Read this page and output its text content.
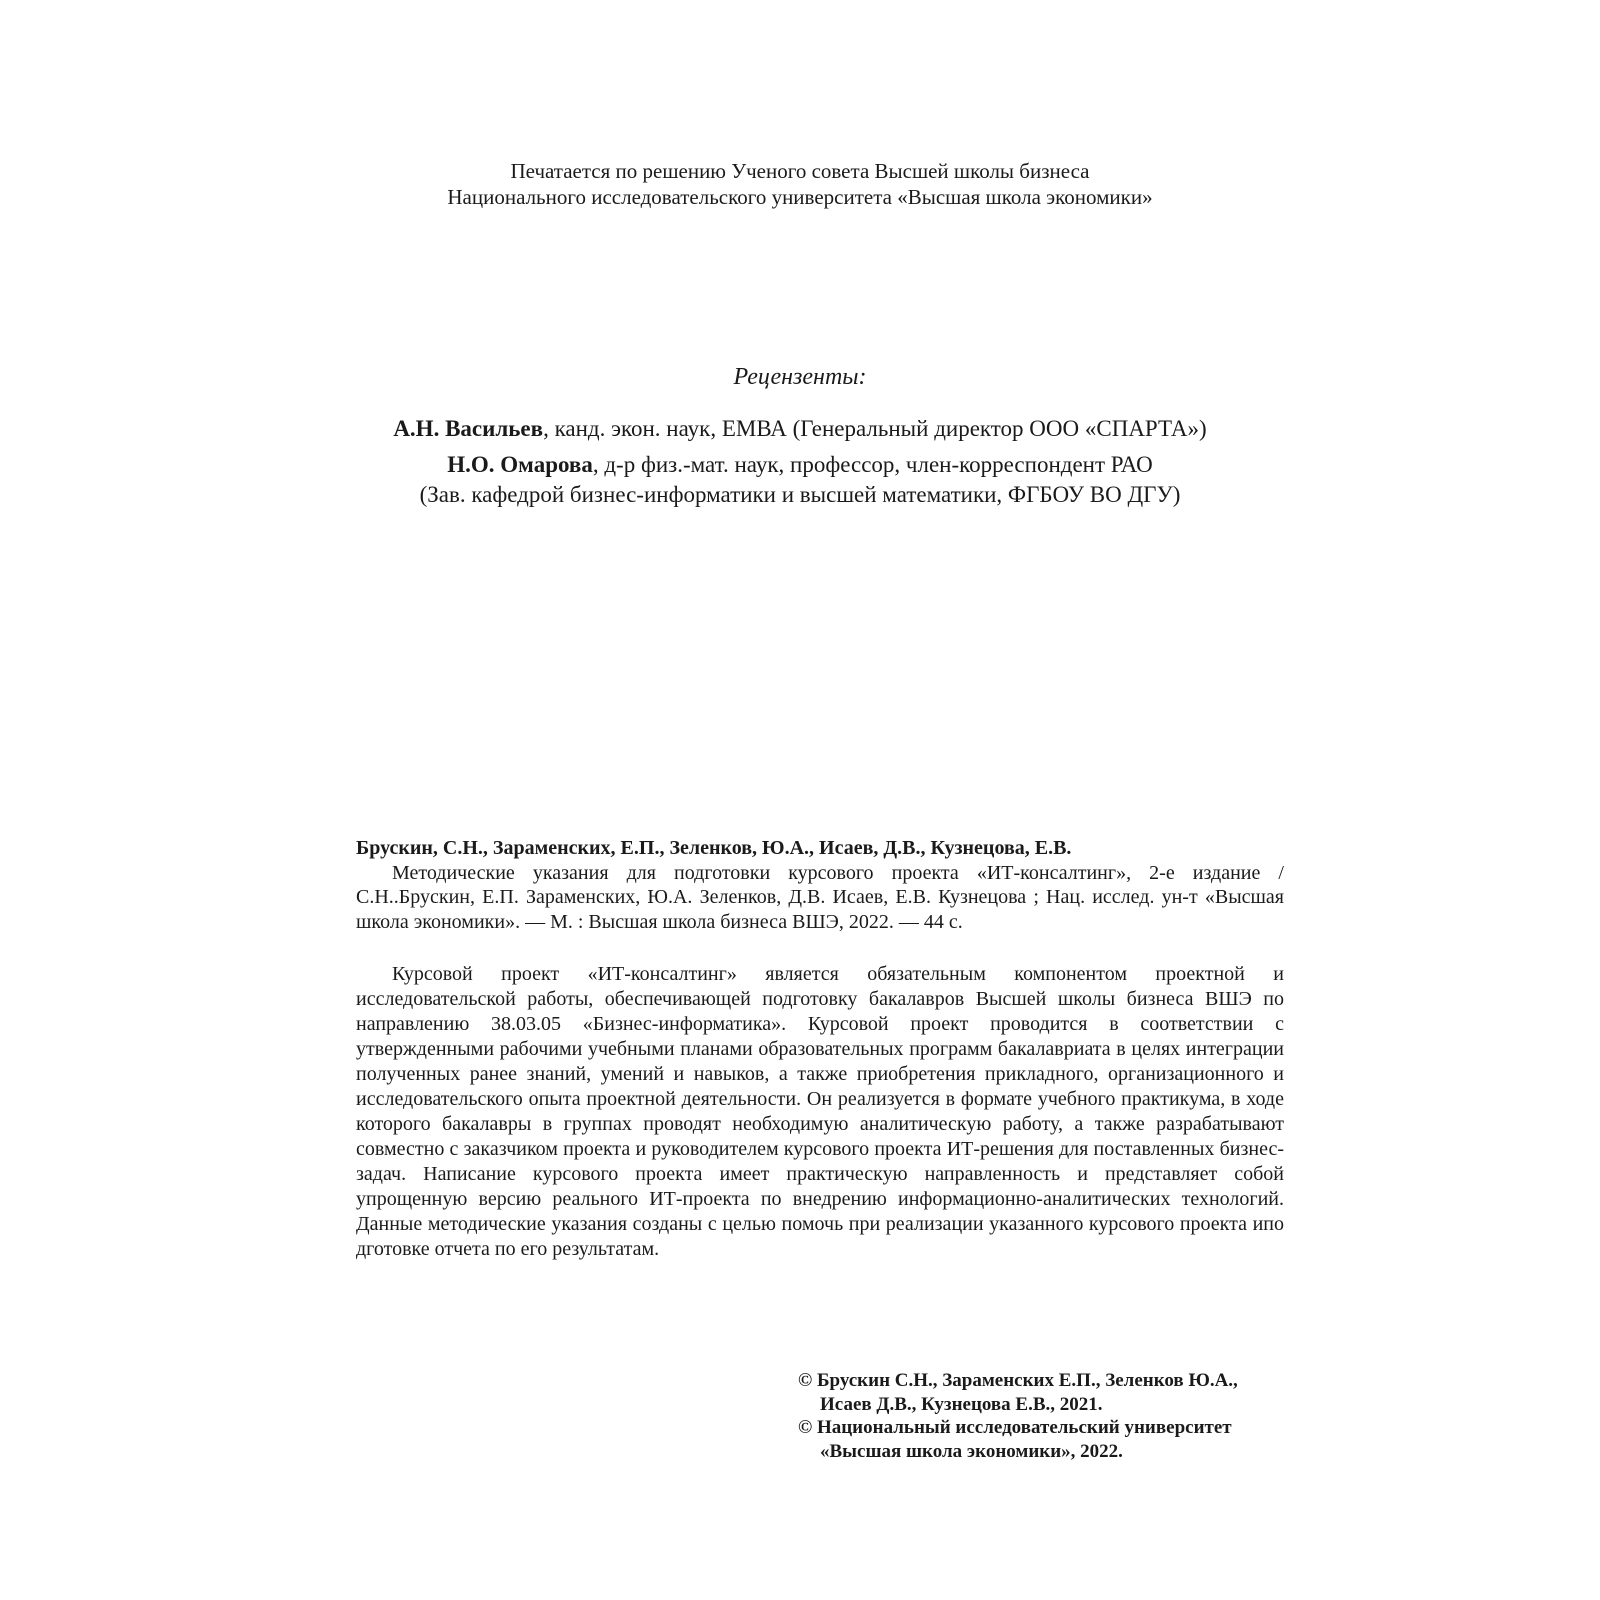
Печатается по решению Ученого совета Высшей школы бизнеса
Национального исследовательского университета «Высшая школа экономики»
Рецензенты:
А.Н. Васильев, канд. экон. наук, ЕМВА (Генеральный директор ООО «СПАРТА»)
Н.О. Омарова, д-р физ.-мат. наук, профессор, член-корреспондент РАО
(Зав. кафедрой бизнес-информатики и высшей математики, ФГБОУ ВО ДГУ)
Брускин, С.Н., Зараменских, Е.П., Зеленков, Ю.А., Исаев, Д.В., Кузнецова, Е.В.

Методические указания для подготовки курсового проекта «ИТ-консалтинг», 2-е издание / С.Н..Брускин, Е.П. Зараменских, Ю.А. Зеленков, Д.В. Исаев, Е.В. Кузнецова ; Нац. исслед. ун-т «Высшая школа экономики». — М. : Высшая школа бизнеса ВШЭ, 2022. — 44 с.

Курсовой проект «ИТ-консалтинг» является обязательным компонентом проектной и исследовательской работы, обеспечивающей подготовку бакалавров Высшей школы бизнеса ВШЭ по направлению 38.03.05 «Бизнес-информатика». Курсовой проект проводится в соответствии с утвержденными рабочими учебными планами образовательных программ бакалавриата в целях интеграции полученных ранее знаний, умений и навыков, а также приобретения прикладного, организационного и исследовательского опыта проектной деятельности. Он реализуется в формате учебного практикума, в ходе которого бакалавры в группах проводят необходимую аналитическую работу, а также разрабатывают совместно с заказчиком проекта и руководителем курсового проекта ИТ-решения для поставленных бизнес-задач. Написание курсового проекта имеет практическую направленность и представляет собой упрощенную версию реального ИТ-проекта по внедрению информационно-аналитических технологий. Данные методические указания созданы с целью помочь при реализации указанного курсового проекта ипо дготовке отчета по его результатам.

© Брускин С.Н., Зараменских Е.П., Зеленков Ю.А.,
Исаев Д.В., Кузнецова Е.В., 2021.
© Национальный исследовательский университет
«Высшая школа экономики», 2022.
